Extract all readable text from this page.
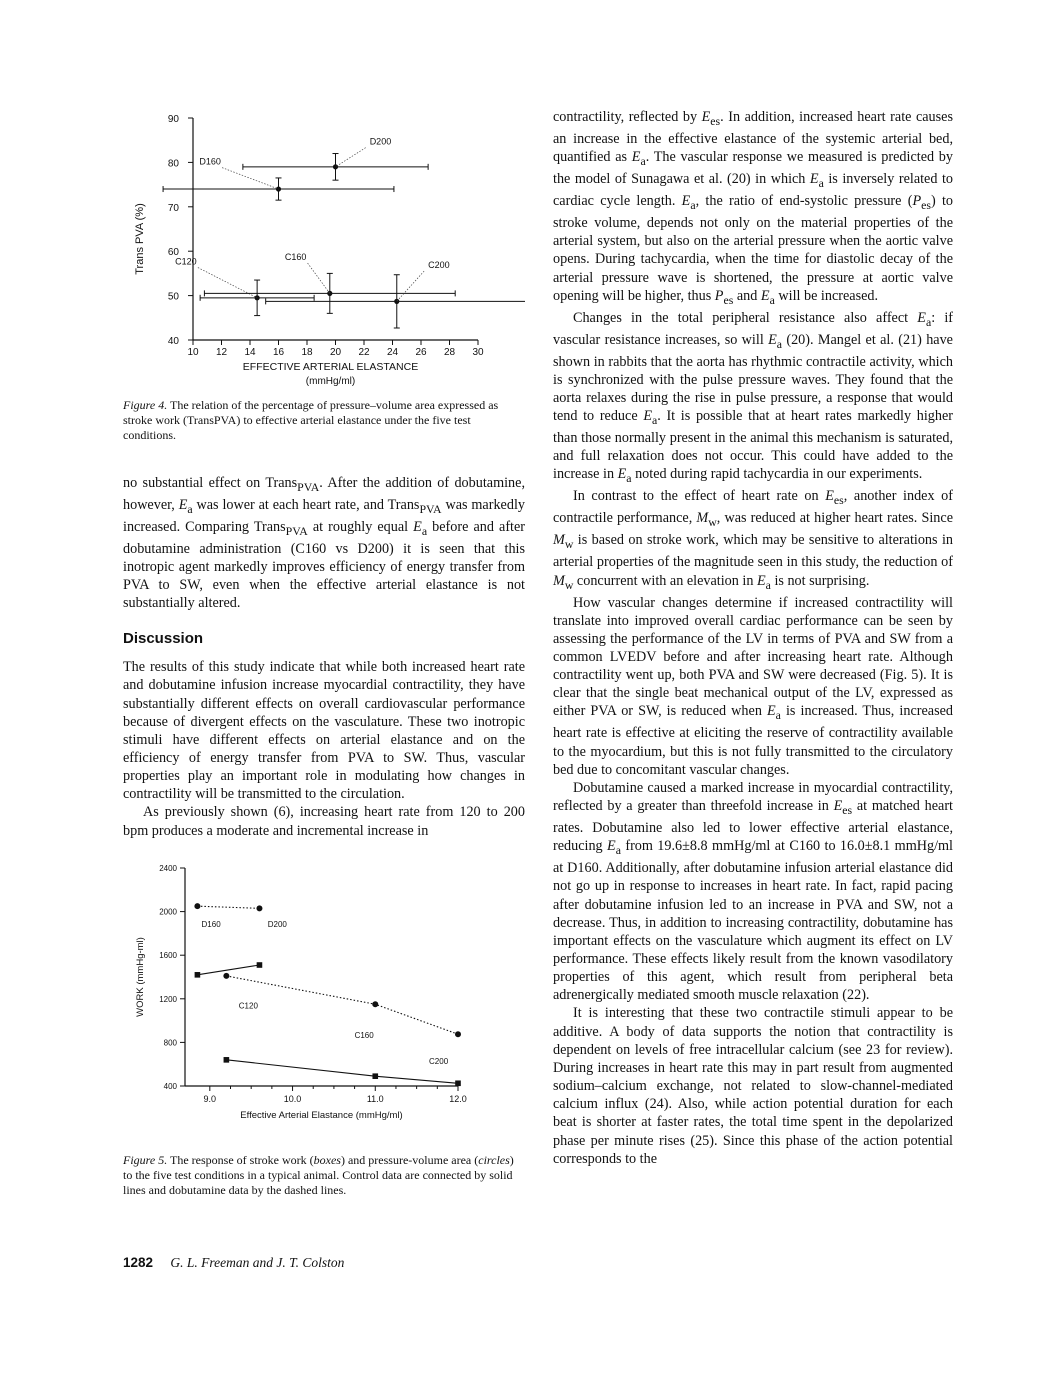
40
50
60
70
80
90
10 12 14 16 18 20 22 24 26 28 30
EFFECTIVE ARTERIAL ELASTANCE
(mmHg/ml)
Trans PVA (%)	C120	C160
C200
D160
D200

Figure 4. The relation of the percentage of pressure–volume area expressed as stroke work (TransPVA) to effective arterial elastance under the five test conditions.

no substantial effect on Trans$_{PVA}$. After the addition of dobutamine, however, $E_a$ was lower at each heart rate, and Trans$_{PVA}$ was markedly increased. Comparing Trans$_{PVA}$ at roughly equal $E_a$ before and after dobutamine administration (C160 vs D200) it is seen that this inotropic agent markedly improves efficiency of energy transfer from PVA to SW, even when the effective arterial elastance is not substantially altered.

Discussion

The results of this study indicate that while both increased heart rate and dobutamine infusion increase myocardial contractility, they have substantially different effects on overall cardiovascular performance because of divergent effects on the vasculature. These two inotropic stimuli have different effects on arterial elastance and on the efficiency of energy transfer from PVA to SW. Thus, vascular properties play an important role in modulating how changes in contractility will be transmitted to the circulation.

As previously shown (6), increasing heart rate from 120 to 200 bpm produces a moderate and incremental increase in

400
800
1200
1600
2000
2400
9.0	10.0	11.0	12.0
Effective Arterial Elastance (mmHg/ml)
WORK (mmHg-ml)
D160	D200
C120
C160
C200

Figure 5. The response of stroke work (boxes) and pressure-volume area (circles) to the five test conditions in a typical animal. Control data are connected by solid lines and dobutamine data by the dashed lines.

contractility, reflected by $E_{es}$. In addition, increased heart rate causes an increase in the effective elastance of the systemic arterial bed, quantified as $E_a$. The vascular response we measured is predicted by the model of Sunagawa et al. (20) in which $E_a$ is inversely related to cardiac cycle length. $E_a$, the ratio of end-systolic pressure $(P_{es})$ to stroke volume, depends not only on the material properties of the arterial system, but also on the arterial pressure when the aortic valve opens. During tachycardia, when the time for diastolic decay of the arterial pressure wave is shortened, the pressure at aortic valve opening will be higher, thus $P_{es}$ and $E_a$ will be increased.

Changes in the total peripheral resistance also affect $E_a$: if vascular resistance increases, so will $E_a$ (20). Mangel et al. (21) have shown in rabbits that the aorta has rhythmic contractile activity, which is synchronized with the pulse pressure waves. They found that the aorta relaxes during the rise in pulse pressure, a response that would tend to reduce $E_a$. It is possible that at heart rates markedly higher than those normally present in the animal this mechanism is saturated, and full relaxation does not occur. This could have added to the increase in $E_a$ noted during rapid tachycardia in our experiments.

In contrast to the effect of heart rate on $E_{es}$, another index of contractile performance, $M_w$, was reduced at higher heart rates. Since $M_w$ is based on stroke work, which may be sensitive to alterations in arterial properties of the magnitude seen in this study, the reduction of $M_w$ concurrent with an elevation in $E_a$ is not surprising.

How vascular changes determine if increased contractility will translate into improved overall cardiac performance can be seen by assessing the performance of the LV in terms of PVA and SW from a common LVEDV before and after increasing heart rate. Although contractility went up, both PVA and SW were decreased (Fig. 5). It is clear that the single beat mechanical output of the LV, expressed as either PVA or SW, is reduced when $E_a$ is increased. Thus, increased heart rate is effective at eliciting the reserve of contractility available to the myocardium, but this is not fully transmitted to the circulatory bed due to concomitant vascular changes.

Dobutamine caused a marked increase in myocardial contractility, reflected by a greater than threefold increase in $E_{es}$ at matched heart rates. Dobutamine also led to lower effective arterial elastance, reducing $E_a$ from 19.6±8.8 mmHg/ml at C160 to 16.0±8.1 mmHg/ml at D160. Additionally, after dobutamine infusion arterial elastance did not go up in response to increases in heart rate. In fact, rapid pacing after dobutamine infusion led to an increase in PVA and SW, not a decrease. Thus, in addition to increasing contractility, dobutamine has important effects on the vasculature which augment its effect on LV performance. These effects likely result from the known vasodilatory properties of this agent, which result from peripheral beta adrenergically mediated smooth muscle relaxation (22).

It is interesting that these two contractile stimuli appear to be additive. A body of data supports the notion that contractility is dependent on levels of free intracellular calcium (see 23 for review). During increases in heart rate this may in part result from augmented sodium–calcium exchange, not related to slow-channel-mediated calcium influx (24). Also, while action potential duration for each beat is shorter at faster rates, the total time spent in the depolarized phase per minute rises (25). Since this phase of the action potential corresponds to the

1282 G. L. Freeman and J. T. Colston
